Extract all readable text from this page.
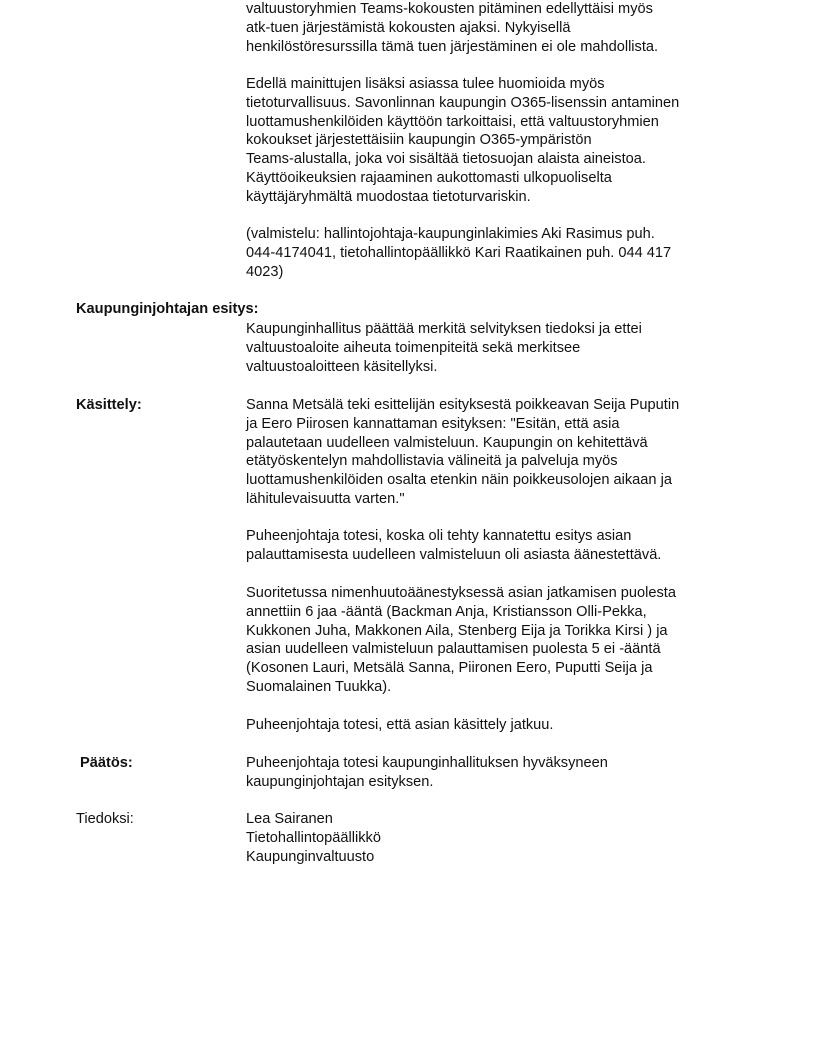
valtuustoryhmien Teams-kokousten pitäminen edellyttäisi myös
atk-tuen järjestämistä kokousten ajaksi. Nykyisellä
henkilöstöresurssilla tämä tuen järjestäminen ei ole mahdollista.

Edellä mainittujen lisäksi asiassa tulee huomioida myös
tietoturvallisuus. Savonlinnan kaupungin O365-lisenssin antaminen
luottamushenkilöiden käyttöön tarkoittaisi, että valtuustoryhmien
kokoukset järjestettäisiin kaupungin O365-ympäristön
Teams-alustalla, joka voi sisältää tietosuojan alaista aineistoa.
Käyttöoikeuksien rajaaminen aukottomasti ulkopuoliselta
käyttäjäryhmältä muodostaa tietoturvariskin.

(valmistelu: hallintojohtaja-kaupunginlakimies Aki Rasimus puh.
044-4174041, tietohallintopäällikkö Kari Raatikainen puh. 044 417
4023)

Kaupunginjohtajan esitys:

Kaupunginhallitus päättää merkitä selvityksen tiedoksi ja ettei
valtuustoaloite aiheuta toimenpiteitä sekä merkitsee
valtuustoaloitteen käsitellyksi.

Käsittely:	Sanna Metsälä teki esittelijän esityksestä poikkeavan Seija Puputin
ja Eero Piirosen kannattaman esityksen: "Esitän, että asia
palautetaan uudelleen valmisteluun. Kaupungin on kehitettävä
etätyöskentelyn mahdollistavia välineitä ja palveluja myös
luottamushenkilöiden osalta etenkin näin poikkeusolojen aikaan ja
lähitulevaisuutta varten."

Puheenjohtaja totesi, koska oli tehty kannatettu esitys asian
palauttamisesta uudelleen valmisteluun oli asiasta äänestettävä.

Suoritetussa nimenhuutoäänestyksessä asian jatkamisen puolesta
annettiin 6 jaa -ääntä (Backman Anja, Kristiansson Olli-Pekka,
Kukkonen Juha, Makkonen Aila, Stenberg Eija ja Torikka Kirsi ) ja
asian uudelleen valmisteluun palauttamisen puolesta 5 ei -ääntä
(Kosonen Lauri, Metsälä Sanna, Piironen Eero, Puputti Seija ja
Suomalainen Tuukka).

Puheenjohtaja totesi, että asian käsittely jatkuu.

Päätös:	Puheenjohtaja totesi kaupunginhallituksen hyväksyneen
kaupunginjohtajan esityksen.

Tiedoksi:	Lea Sairanen
Tietohallintopäällikkö
Kaupunginvaltuusto
